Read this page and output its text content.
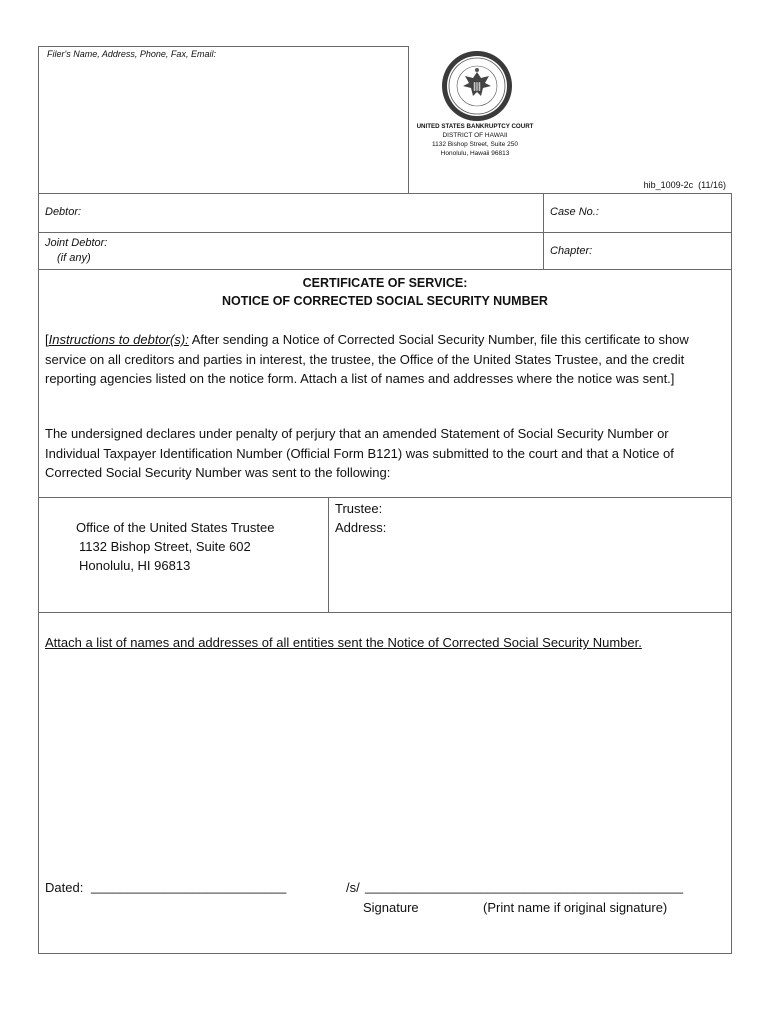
Filer's Name, Address, Phone, Fax, Email:
UNITED STATES BANKRUPTCY COURT
DISTRICT OF HAWAII
1132 Bishop Street, Suite 250
Honolulu, Hawaii 96813
hib_1009-2c  (11/16)
Debtor:	Case No.:
Joint Debtor:
(if any)
Chapter:
CERTIFICATE OF SERVICE:
NOTICE OF CORRECTED SOCIAL SECURITY NUMBER
[Instructions to debtor(s): After sending a Notice of Corrected Social Security Number, file this certificate to show service on all creditors and parties in interest, the trustee, the Office of the United States Trustee, and the credit reporting agencies listed on the notice form. Attach a list of names and addresses where the notice was sent.]
The undersigned declares under penalty of perjury that an amended Statement of Social Security Number or Individual Taxpayer Identification Number (Official Form B121) was submitted to the court and that a Notice of Corrected Social Security Number was sent to the following:
Office of the United States Trustee
1132 Bishop Street, Suite 602
Honolulu, HI 96813
Trustee:
Address:
Attach a list of names and addresses of all entities sent the Notice of Corrected Social Security Number.
Dated: ___________________________	/s/ ____________________________________________
Signature	(Print name if original signature)
